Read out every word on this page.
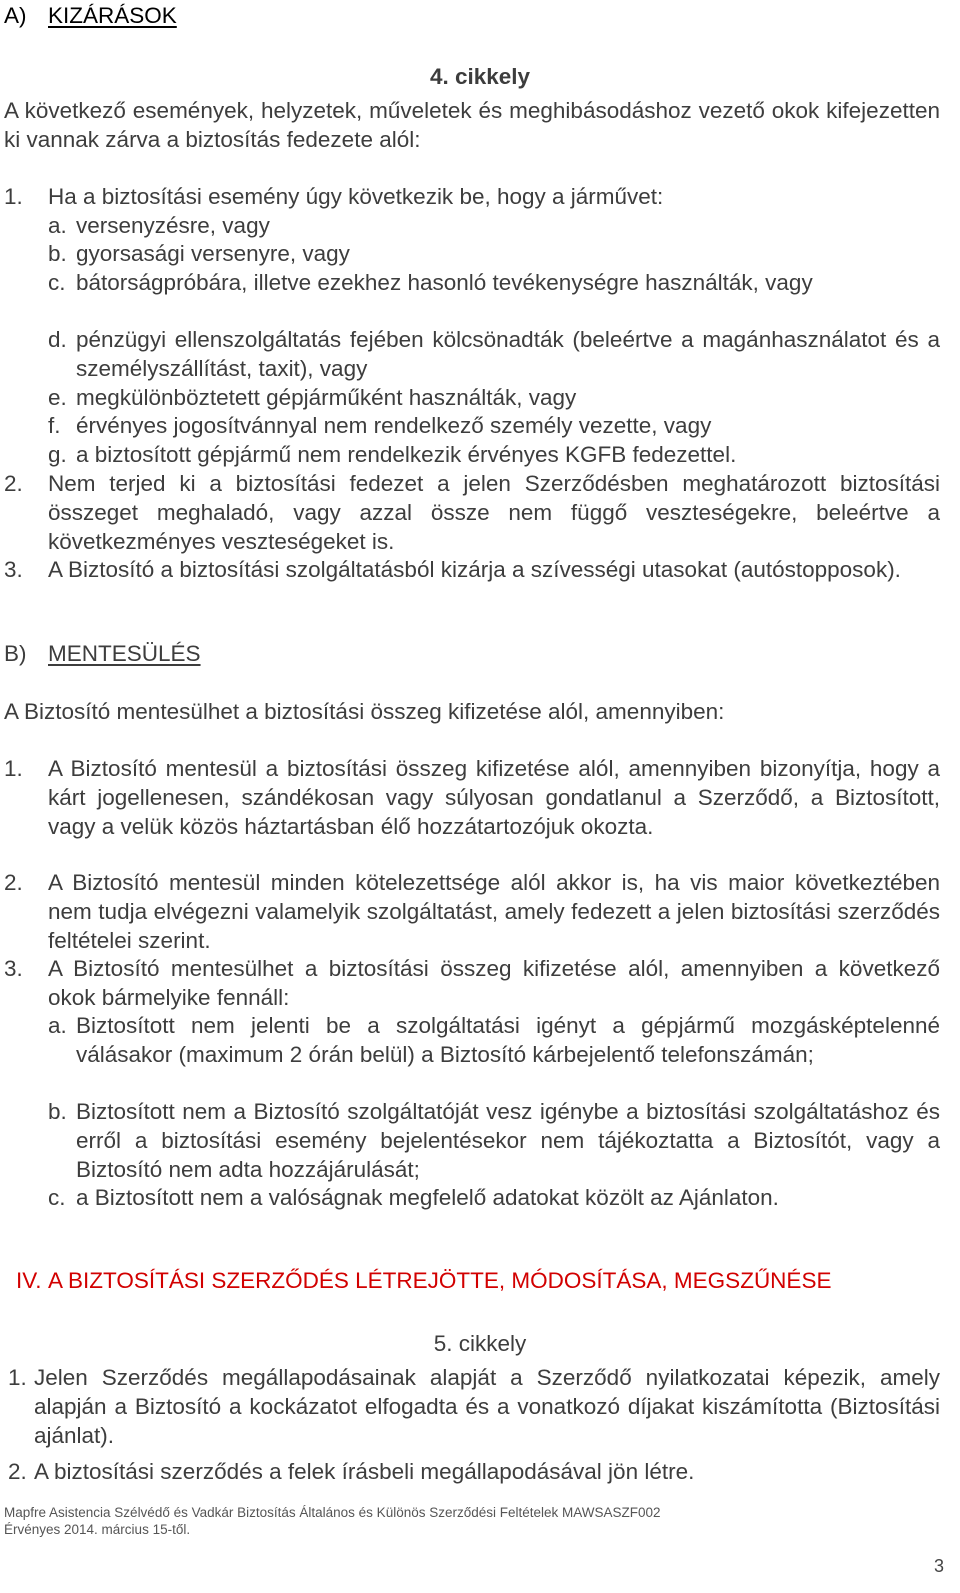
A) KIZÁRÁSOK
4. cikkely
A következő események, helyzetek, műveletek és meghibásodáshoz vezető okok kifejezetten ki vannak zárva a biztosítás fedezete alól:
1.	Ha a biztosítási esemény úgy következik be, hogy a járművet:
a. versenyzésre, vagy
b. gyorsasági versenyre, vagy
c. bátorságpróbára, illetve ezekhez hasonló tevékenységre használták, vagy
d. pénzügyi ellenszolgáltatás fejében kölcsönadták (beleértve a magánhasználatot és a személyszállítást, taxit), vagy
e. megkülönböztetett gépjárműként használták, vagy
f. érvényes jogosítvánnyal nem rendelkező személy vezette, vagy
g. a biztosított gépjármű nem rendelkezik érvényes KGFB fedezettel.
2.	Nem terjed ki a biztosítási fedezet a jelen Szerződésben meghatározott biztosítási összeget meghaladó, vagy azzal össze nem függő veszteségekre, beleértve a következményes veszteségeket is.
3.	A Biztosító a biztosítási szolgáltatásból kizárja a szívességi utasokat (autóstopposok).
B) MENTESÜLÉS
A Biztosító mentesülhet a biztosítási összeg kifizetése alól, amennyiben:
1.	A Biztosító mentesül a biztosítási összeg kifizetése alól, amennyiben bizonyítja, hogy a kárt jogellenesen, szándékosan vagy súlyosan gondatlanul a Szerződő, a Biztosított, vagy a velük közös háztartásban élő hozzátartozójuk okozta.
2.	A Biztosító mentesül minden kötelezettsége alól akkor is, ha vis maior következtében nem tudja elvégezni valamelyik szolgáltatást, amely fedezett a jelen biztosítási szerződés feltételei szerint.
3.	A Biztosító mentesülhet a biztosítási összeg kifizetése alól, amennyiben a következő okok bármelyike fennáll:
a. Biztosított nem jelenti be a szolgáltatási igényt a gépjármű mozgásképtelenné válásakor (maximum 2 órán belül) a Biztosító kárbejelentő telefonszámán;
b. Biztosított nem a Biztosító szolgáltatóját vesz igénybe a biztosítási szolgáltatáshoz és erről a biztosítási esemény bejelentésekor nem tájékoztatta a Biztosítót, vagy a Biztosító nem adta hozzájárulását;
c. a Biztosított nem a valóságnak megfelelő adatokat közölt az Ajánlaton.
IV. A BIZTOSÍTÁSI SZERZŐDÉS LÉTREJÖTTE, MÓDOSÍTÁSA, MEGSZŰNÉSE
5. cikkely
1. Jelen Szerződés megállapodásainak alapját a Szerződő nyilatkozatai képezik, amely alapján a Biztosító a kockázatot elfogadta és a vonatkozó díjakat kiszámította (Biztosítási ajánlat).
2. A biztosítási szerződés a felek írásbeli megállapodásával jön létre.
Mapfre Asistencia Szélvédő és Vadkár Biztosítás Általános és Különös Szerződési Feltételek MAWSASZF002
Érvényes 2014. március 15-től.
3
